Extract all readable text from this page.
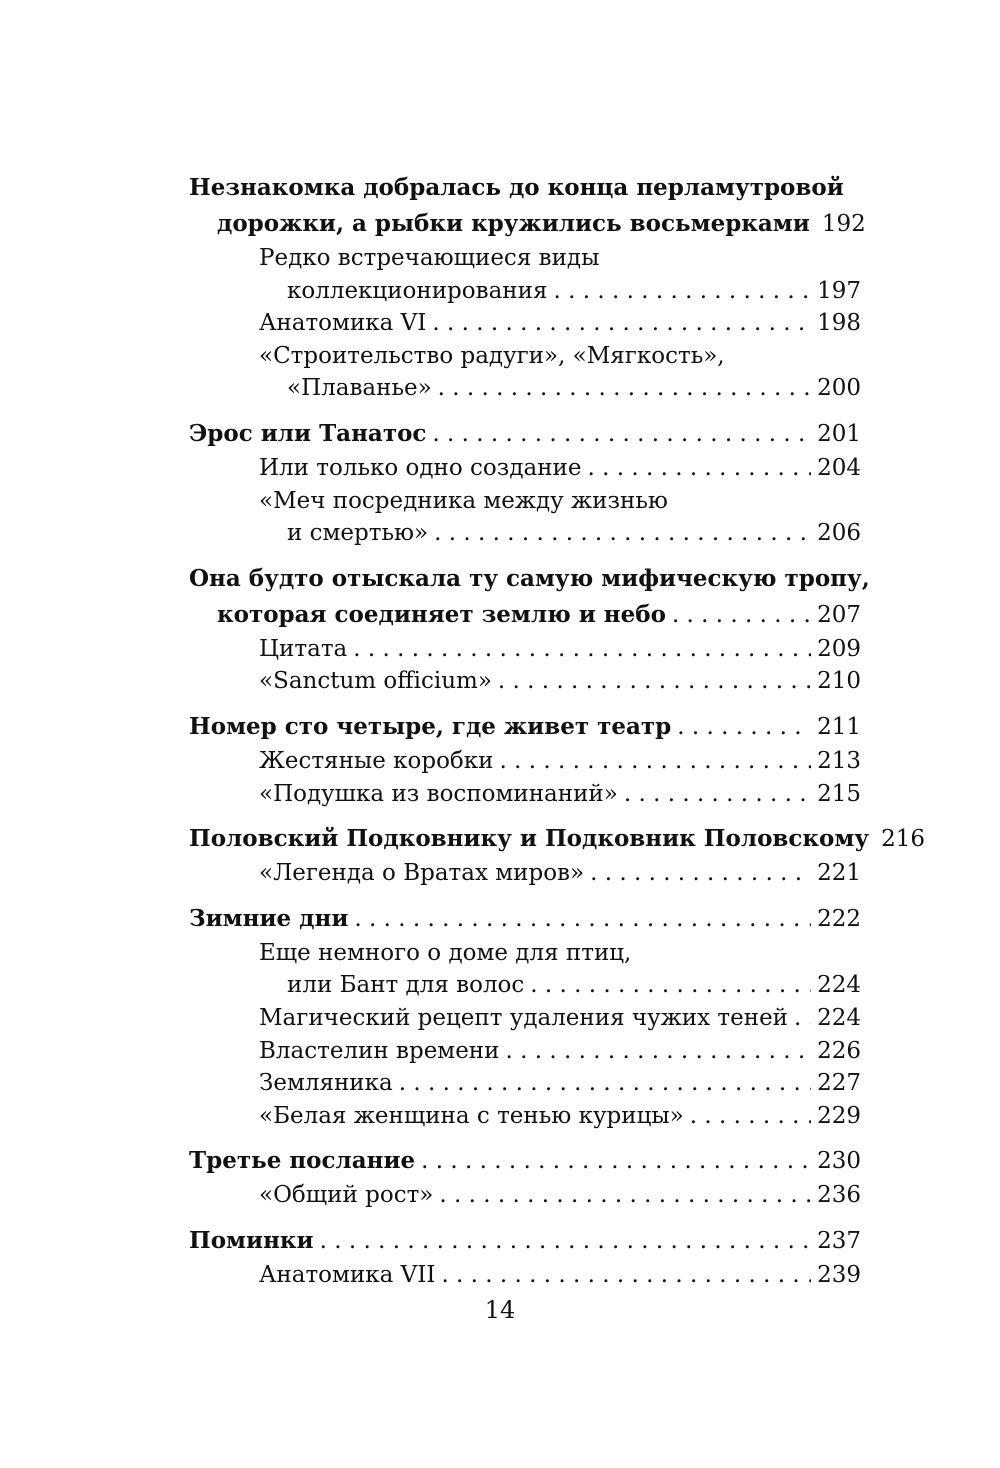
Незнакомка добралась до конца перламутровой
дорожки, а рыбки кружились восьмерками 192
Редко встречающиеся виды
коллекционирования . . .	197
Анатомика VI . . .	198
«Строительство радуги», «Мягкость»,
«Плаванье» . . .	200
Эрос или Танатос . . .	201
Или только одно создание . . .	204
«Меч посредника между жизнью
и смертью» . . .	206
Она будто отыскала ту самую мифическую тропу,
которая соединяет землю и небо . . .	207
Цитата . . .	209
«Sanctum officium» . . .	210
Номер сто четыре, где живет театр . . .	211
Жестяные коробки . . .	213
«Подушка из воспоминаний» . . .	215
Половский Подковнику и Подковник Половскому 216
«Легенда о Вратах миров» . . .	221
Зимние дни . . .	222
Еще немного о доме для птиц,
или Бант для волос . . .	224
Магический рецепт удаления чужих теней . . . 224
Властелин времени . . .	226
Земляника . . .	227
«Белая женщина с тенью курицы» . . .	229
Третье послание . . .	230
«Общий рост» . . .	236
Поминки . . .	237
Анатомика VII . . .	239
14
